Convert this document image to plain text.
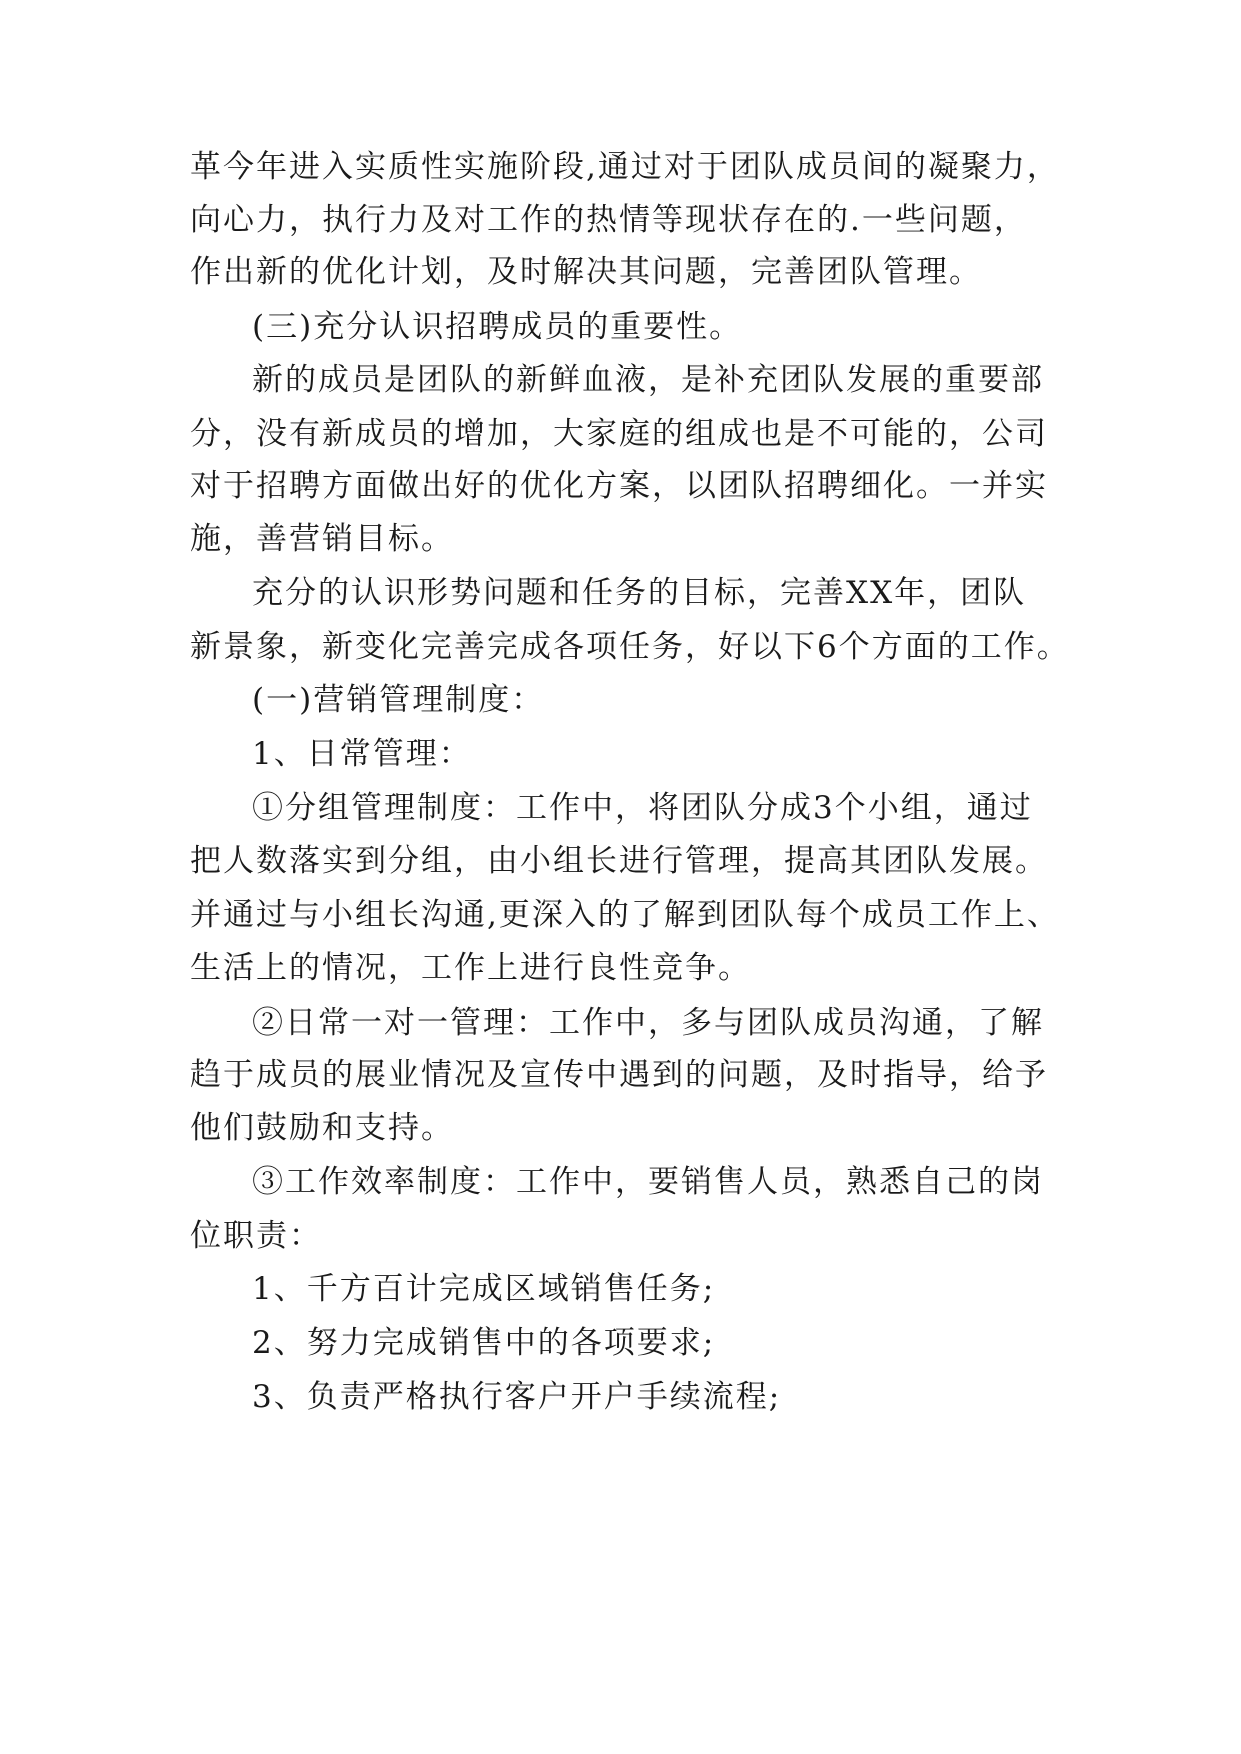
革今年进入实质性实施阶段,通过对于团队成员间的凝聚力，
向心力，执行力及对工作的热情等现状存在的.一些问题，
作出新的优化计划，及时解决其问题，完善团队管理。
(三)充分认识招聘成员的重要性。
新的成员是团队的新鲜血液，是补充团队发展的重要部
分，没有新成员的增加，大家庭的组成也是不可能的，公司
对于招聘方面做出好的优化方案，以团队招聘细化。一并实
施，善营销目标。
充分的认识形势问题和任务的目标，完善XX年，团队
新景象，新变化完善完成各项任务，好以下6个方面的工作。
(一)营销管理制度：
1、日常管理：
①分组管理制度：工作中，将团队分成3个小组，通过
把人数落实到分组，由小组长进行管理，提高其团队发展。
并通过与小组长沟通,更深入的了解到团队每个成员工作上、
生活上的情况，工作上进行良性竞争。
②日常一对一管理：工作中，多与团队成员沟通，了解
趋于成员的展业情况及宣传中遇到的问题，及时指导，给予
他们鼓励和支持。
③工作效率制度：工作中，要销售人员，熟悉自己的岗
位职责：
1、千方百计完成区域销售任务;
2、努力完成销售中的各项要求;
3、负责严格执行客户开户手续流程;
